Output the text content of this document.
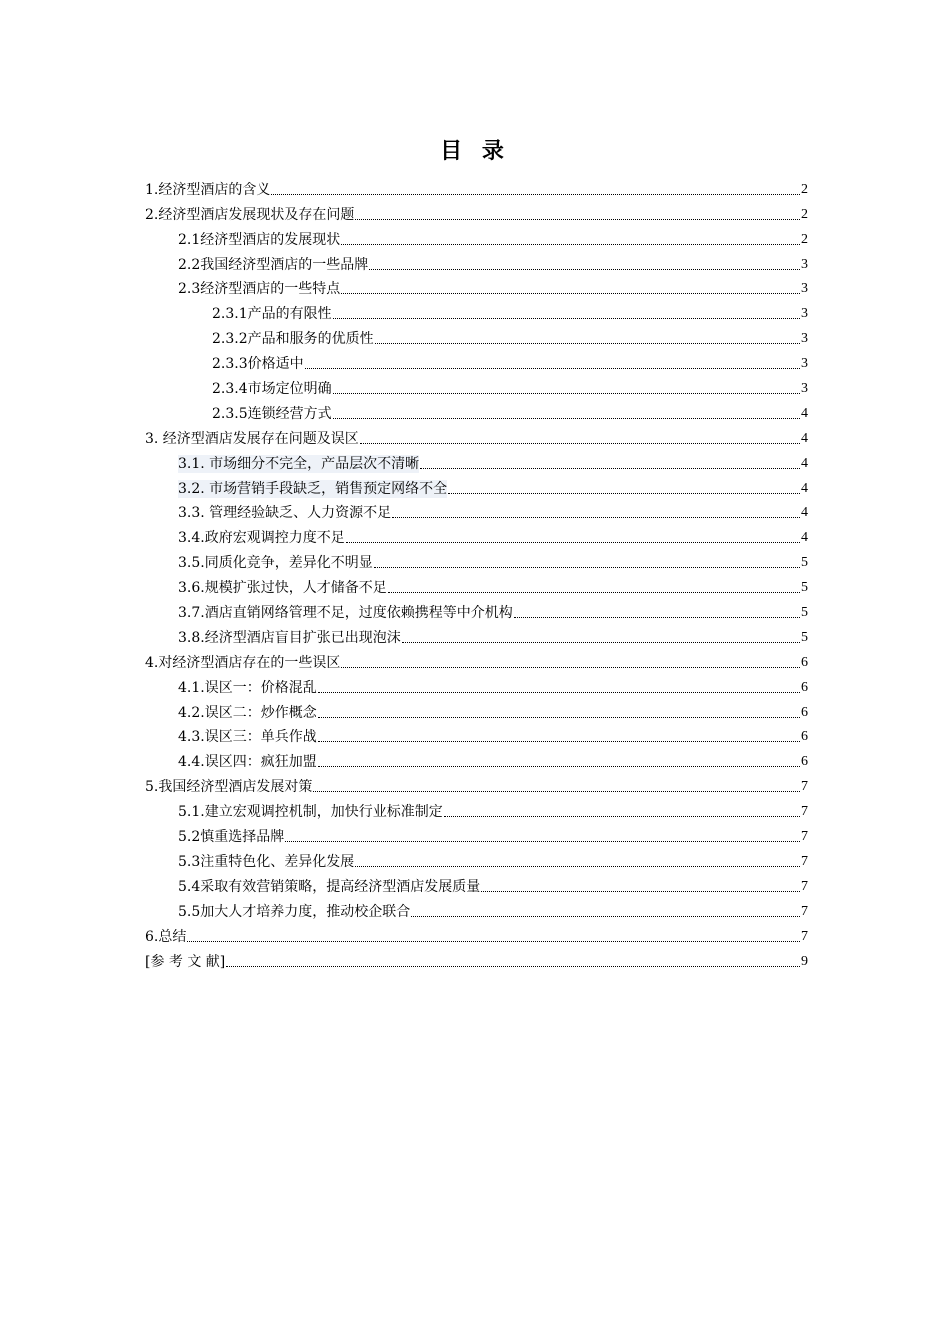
目 录
1.经济型酒店的含义	2
2.经济型酒店发展现状及存在问题	2
2.1经济型酒店的发展现状	2
2.2我国经济型酒店的一些品牌	3
2.3经济型酒店的一些特点	3
2.3.1产品的有限性	3
2.3.2产品和服务的优质性	3
2.3.3价格适中	3
2.3.4市场定位明确	3
2.3.5连锁经营方式	4
3. 经济型酒店发展存在问题及误区	4
3.1. 市场细分不完全，产品层次不清晰	4
3.2. 市场营销手段缺乏，销售预定网络不全	4
3.3. 管理经验缺乏、人力资源不足	4
3.4.政府宏观调控力度不足	4
3.5.同质化竞争，差异化不明显	5
3.6.规模扩张过快，人才储备不足	5
3.7.酒店直销网络管理不足，过度依赖携程等中介机构	5
3.8.经济型酒店盲目扩张已出现泡沫	5
4.对经济型酒店存在的一些误区	6
4.1.误区一：价格混乱	6
4.2.误区二：炒作概念	6
4.3.误区三：单兵作战	6
4.4.误区四：疯狂加盟	6
5.我国经济型酒店发展对策	7
5.1.建立宏观调控机制，加快行业标准制定	7
5.2慎重选择品牌	7
5.3注重特色化、差异化发展	7
5.4采取有效营销策略，提高经济型酒店发展质量	7
5.5加大人才培养力度，推动校企联合	7
6.总结	7
[参 考 文 献]	9
